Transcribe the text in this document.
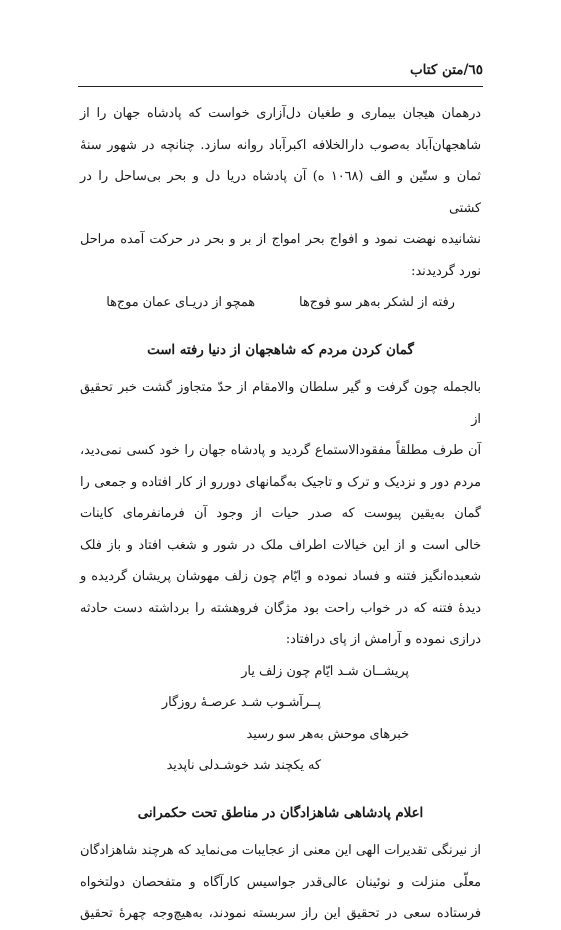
٦٥/متن کتاب
درهمان هیجان بیماری و طغیان دل‌آزاری خواست که پادشاه جهان را از
شاهجهان‌آباد به‌صوب دارالخلافه اکبرآباد روانه سازد. چنانچه در شهور سنهٔ
ثمان و ستّین و الف (١٠٦٨ ه) آن پادشاه دریا دل و بحر بی‌ساحل را در کشتی
نشانیده نهضت نمود و افواج بحر امواج از بر و بحر در حرکت آمده مراحل
نورد گردیدند:
رفته از لشکر به‌هر سو فوج‌ها
همچو از دریـای عمان موج‌ها
گمان کردن مردم که شاهجهان از دنیا رفته است
بالجمله چون گرفت و گیر سلطان والامقام از حدّ متجاوز گشت خبر تحقیق از
آن طرف مطلقاً مفقودالاستماع گردید و پادشاه جهان را خود کسی نمی‌دید،
مردم دور و نزدیک و ترک و تاجیک به‌گمانهای دوررو از کار افتاده و جمعی را
گمان به‌یقین پیوست که صدر حیات از وجود آن فرمانفرمای کاینات
خالی است و از این خیالات اطراف ملک در شور و شغب افتاد و باز فلک
شعبده‌انگیز فتنه و فساد نموده و ایّام چون زلف مهوشان پریشان گردیده و
دیدهٔ فتنه که در خواب راحت بود مژگان فروهشته را برداشته دست حادثه
درازی نموده و آرامش از پای درافتاد:
پریشــان شـد ایّام چون زلف یار
پــرآشـوب شـد عرصـهٔ روزگار
خبرهای موحش به‌هر سو رسید
که یکچند شد خوشـدلی ناپدید
اعلام پادشاهی شاهزادگان در مناطق تحت حکمرانی
از نیرنگی تقدیرات الهی این معنی از عجایبات می‌نماید که هرچند شاهزادگان
معلّی منزلت و نوئینان عالی‌قدر جواسیس کارآگاه و متفحصان دولتخواه
فرستاده سعی در تحقیق این راز سربسته نمودند، به‌هیچ‌وجه چهرهٔ تحقیق
